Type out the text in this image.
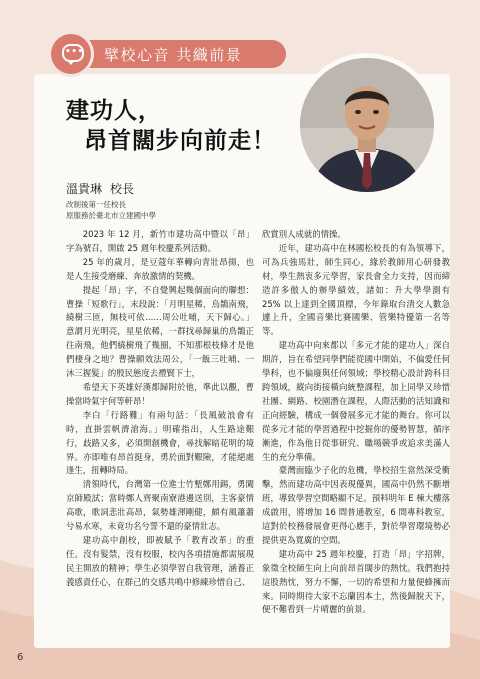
••• 擘校心音 共織前景
建功人，
昂首闊步向前走！
溫貴琳 校長
改制後第一任校長
原服務於臺北市立建國中學

2023 年 12 月，新竹市建功高中暨以「昂」字為號召，開啟 25 週年校慶系列活動。

25 年的歲月，是豆蔻年華轉向青壯昂揚，也是人生接受磨練、奔放激情的契機。

提起「昂」字，不自覺興起幾個面向的聯想：曹操「短歌行」，末段說：「月明星稀，烏鵲南飛，繞樹三匝，無枝可依……周公吐哺，天下歸心。」意謂月光明亮，星星依稀，一群找尋歸巢的鳥鵲正往南飛，他們繞樹飛了幾圈，不知那根枝條才是他們棲身之地？曹操願效法周公，「一飯三吐哺、一沐三握髮」的殷民態度去禮賢下士，

希望天下英雄好漢都歸附於他，準此以觀，曹操當時氣宇何等軒昂！

李白「行路難」有兩句話：「長風破浪會有時，直掛雲帆濟滄海。」明確指出，人生路途艱行，歧路又多，必須開創機會，尋找解暗花明的境界。亦即唯有昂首挺身，勇於面對艱險，才能絕處逢生，扭轉時局。

清領時代，台灣第一位進士竹塹鄭用錫，勇闖京師殿試；當時鄭人齊聚南寮港邊送別，主客豪情高歌，歌詞悲壯高昂，氣勢雄渾剛健，頗有風蕭蕭兮易水寒，未竟功名兮誓不還的豪情壯志。

建功高中創校，即被賦予「教育改革」的重任。沒有髮禁，沒有校服，校內各項措施都需展現民主開放的精神；學生必須學習自我管理，涵養正義感責任心，在群己的交感共鳴中修練珍惜自己、

欣賞別人成就的情操。

近年，建功高中在林國松校長的有為領導下，可為兵強馬壯，師生同心，緣於教師用心研發教材，學生熱衷多元學習，家長會全力支持，因而締造許多傲人的辦學績效，諸如：升大學學測有 25% 以上達到全國頂標，今年錄取台清交人數急遽上升，全國音樂比賽國樂、管樂特優第一名等等。

建功高中向來都以「多元才能的建功人」深自期許，旨在希望同學們能從國中開始，不偏愛任何學科，也不偏廢與任何領域；學校精心設計跨科目跨領域，縱向街接橫向統整課程，加上同學又珍惜社團、網路、校園潛在課程，人際活動的活知識和正向經驗，構成一個發展多元才能的舞台。你可以從多元才能的學習過程中挖掘你的優勢智慧，循序漸進，作為他日從事研究、職場競爭或追求美滿人生的充分準備。

臺灣面臨少子化的危機，學校招生當然深受衝擊，然而建功高中因表現優異，國高中仍然不斷增班，導致學習空間略顯不足。預料明年 E 棟大樓落成啟用，將增加 16 間普通教室，6 間專科教室，這對於校務發展會更得心應手，對於學習環境勢必提供更為寬廣的空間。

建功高中 25 週年校慶，打造「昂」字招牌，象徵全校師生向上向前昂首闊步的熱忱。我們抱持這股熱忱，努力不懈，一切的希望和力量便蜂擁而來。同時期待大家不忘蘭因本土，然後歸脫天下，便不難看到一片晴麗的前景。

6
